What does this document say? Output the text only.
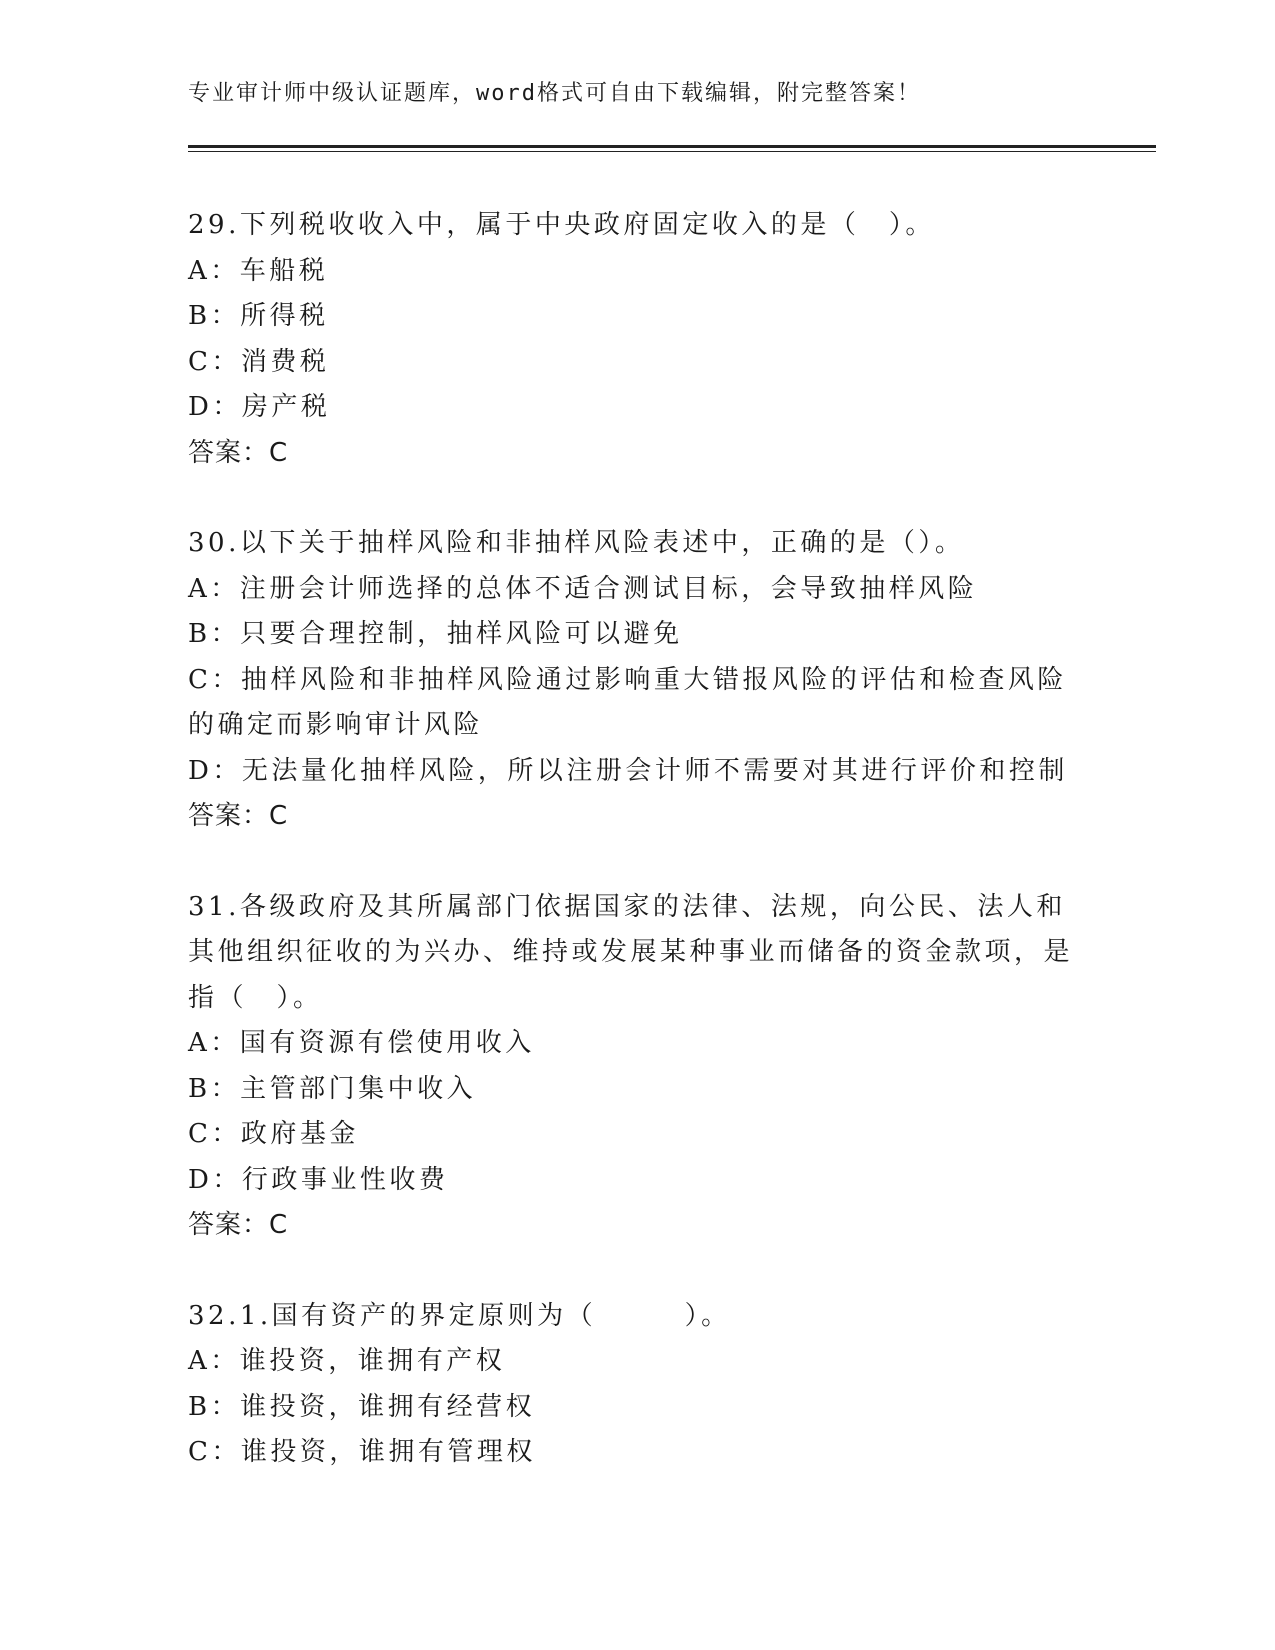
专业审计师中级认证题库，word格式可自由下载编辑，附完整答案！

29.下列税收收入中，属于中央政府固定收入的是（　）。

A：车船税

B：所得税

C：消费税

D：房产税

答案：C

30.以下关于抽样风险和非抽样风险表述中，正确的是（）。

A：注册会计师选择的总体不适合测试目标，会导致抽样风险

B：只要合理控制，抽样风险可以避免

C：抽样风险和非抽样风险通过影响重大错报风险的评估和检查风险的确定而影响审计风险

D：无法量化抽样风险，所以注册会计师不需要对其进行评价和控制

答案：C

31.各级政府及其所属部门依据国家的法律、法规，向公民、法人和其他组织征收的为兴办、维持或发展某种事业而储备的资金款项，是指（　）。

A：国有资源有偿使用收入

B：主管部门集中收入

C：政府基金

D：行政事业性收费

答案：C

32.1.国有资产的界定原则为（　　　）。

A：谁投资，谁拥有产权

B：谁投资，谁拥有经营权

C：谁投资，谁拥有管理权
